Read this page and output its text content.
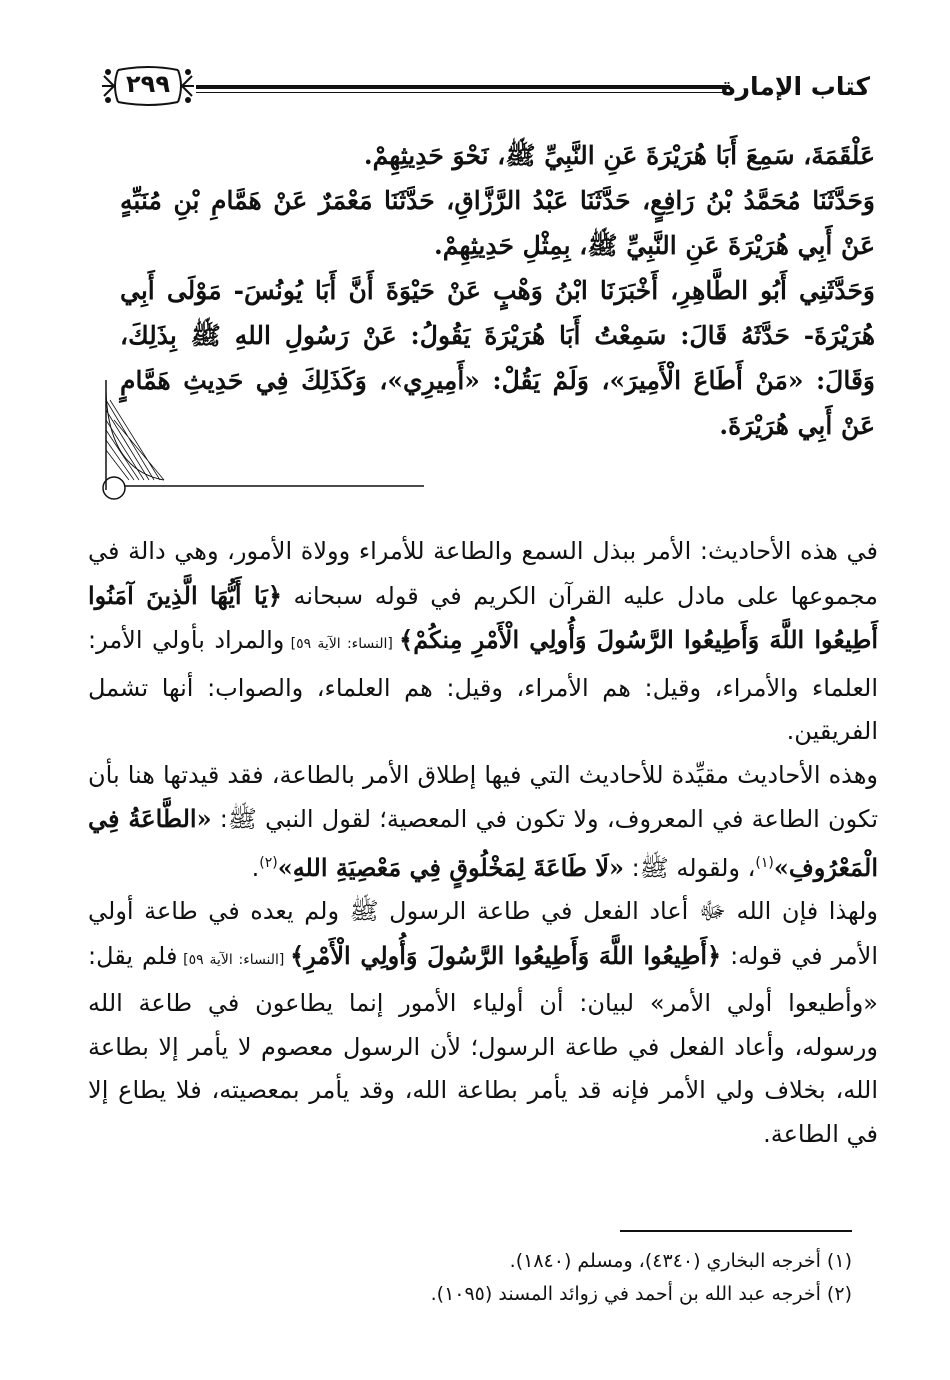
كتاب الإمارة
٢٩٩

عَلْقَمَةَ، سَمِعَ أَبَا هُرَيْرَةَ عَنِ النَّبِيِّ ﷺ، نَحْوَ حَدِيثِهِمْ.

وَحَدَّثَنَا مُحَمَّدُ بْنُ رَافِعٍ، حَدَّثَنَا عَبْدُ الرَّزَّاقِ، حَدَّثَنَا مَعْمَرٌ عَنْ هَمَّامِ بْنِ مُنَبِّهٍ عَنْ أَبِي هُرَيْرَةَ عَنِ النَّبِيِّ ﷺ، بِمِثْلِ حَدِيثِهِمْ.

وَحَدَّثَنِي أَبُو الطَّاهِرِ، أَخْبَرَنَا ابْنُ وَهْبٍ عَنْ حَيْوَةَ أَنَّ أَبَا يُونُسَ- مَوْلَى أَبِي هُرَيْرَةَ- حَدَّثَهُ قَالَ: سَمِعْتُ أَبَا هُرَيْرَةَ يَقُولُ: عَنْ رَسُولِ اللهِ ﷺ بِذَلِكَ، وَقَالَ: «مَنْ أَطَاعَ الْأَمِيرَ»، وَلَمْ يَقُلْ: «أَمِيرِي»، وَكَذَلِكَ فِي حَدِيثِ هَمَّامٍ عَنْ أَبِي هُرَيْرَةَ.

في هذه الأحاديث: الأمر ببذل السمع والطاعة للأمراء وولاة الأمور، وهي دالة في مجموعها على مادل عليه القرآن الكريم في قوله سبحانه ﴿يَا أَيُّهَا الَّذِينَ آمَنُوا أَطِيعُوا اللَّهَ وَأَطِيعُوا الرَّسُولَ وَأُولِي الْأَمْرِ مِنكُمْ﴾ [النساء: الآية ٥٩] والمراد بأولي الأمر: العلماء والأمراء، وقيل: هم الأمراء، وقيل: هم العلماء، والصواب: أنها تشمل الفريقين.

وهذه الأحاديث مقيِّدة للأحاديث التي فيها إطلاق الأمر بالطاعة، فقد قيدتها هنا بأن تكون الطاعة في المعروف، ولا تكون في المعصية؛ لقول النبي ﷺ: «الطَّاعَةُ فِي الْمَعْرُوفِ»$^{(١)}$، ولقوله ﷺ: «لَا طَاعَةَ لِمَخْلُوقٍ فِي مَعْصِيَةِ اللهِ»$^{(٢)}$.

ولهذا فإن الله ﷻ أعاد الفعل في طاعة الرسول ﷺ ولم يعده في طاعة أولي الأمر في قوله: ﴿أَطِيعُوا اللَّهَ وَأَطِيعُوا الرَّسُولَ وَأُولِي الْأَمْرِ﴾ [النساء: الآية ٥٩] فلم يقل: «وأطيعوا أولي الأمر» لبيان: أن أولياء الأمور إنما يطاعون في طاعة الله ورسوله، وأعاد الفعل في طاعة الرسول؛ لأن الرسول معصوم لا يأمر إلا بطاعة الله، بخلاف ولي الأمر فإنه قد يأمر بطاعة الله، وقد يأمر بمعصيته، فلا يطاع إلا في الطاعة.

(١) أخرجه البخاري (٤٣٤٠)، ومسلم (١٨٤٠).

(٢) أخرجه عبد الله بن أحمد في زوائد المسند (١٠٩٥).
